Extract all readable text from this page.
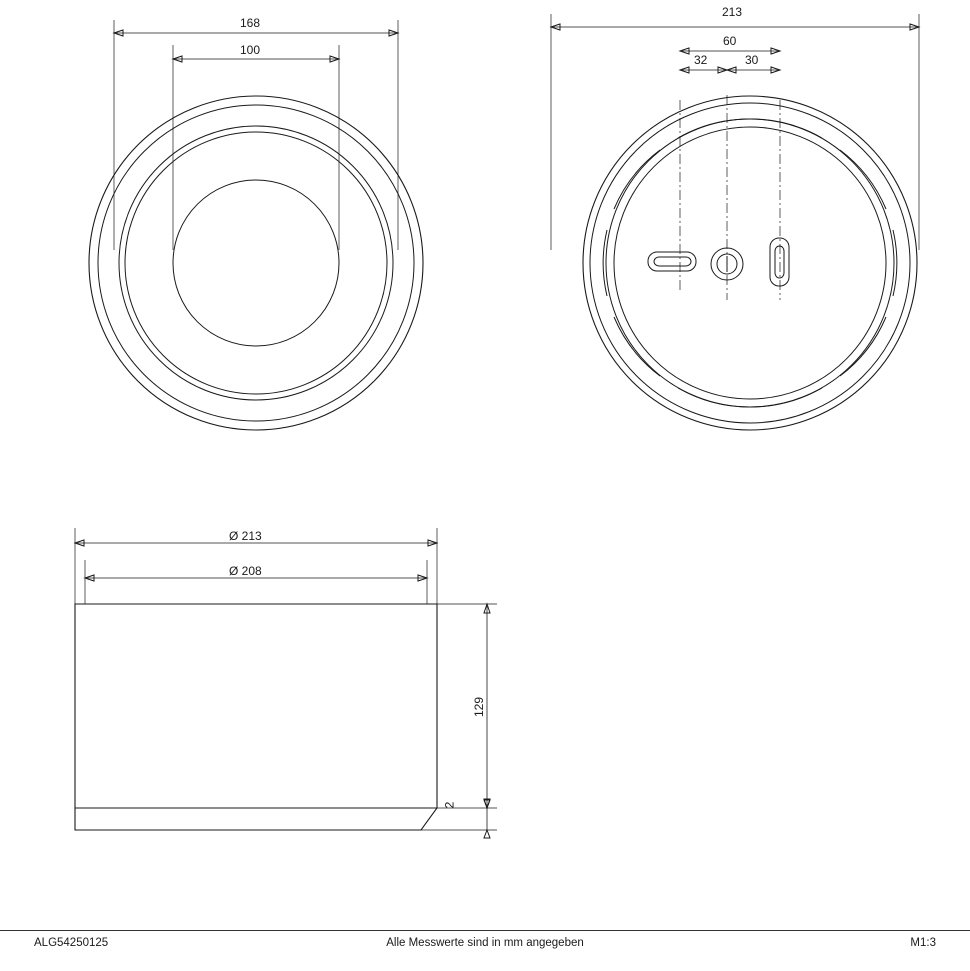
168
100
213
60
32	30
Ø 213
Ø 208
129
2
ALG54250125	M1:3
Alle Messwerte sind in mm angegeben
